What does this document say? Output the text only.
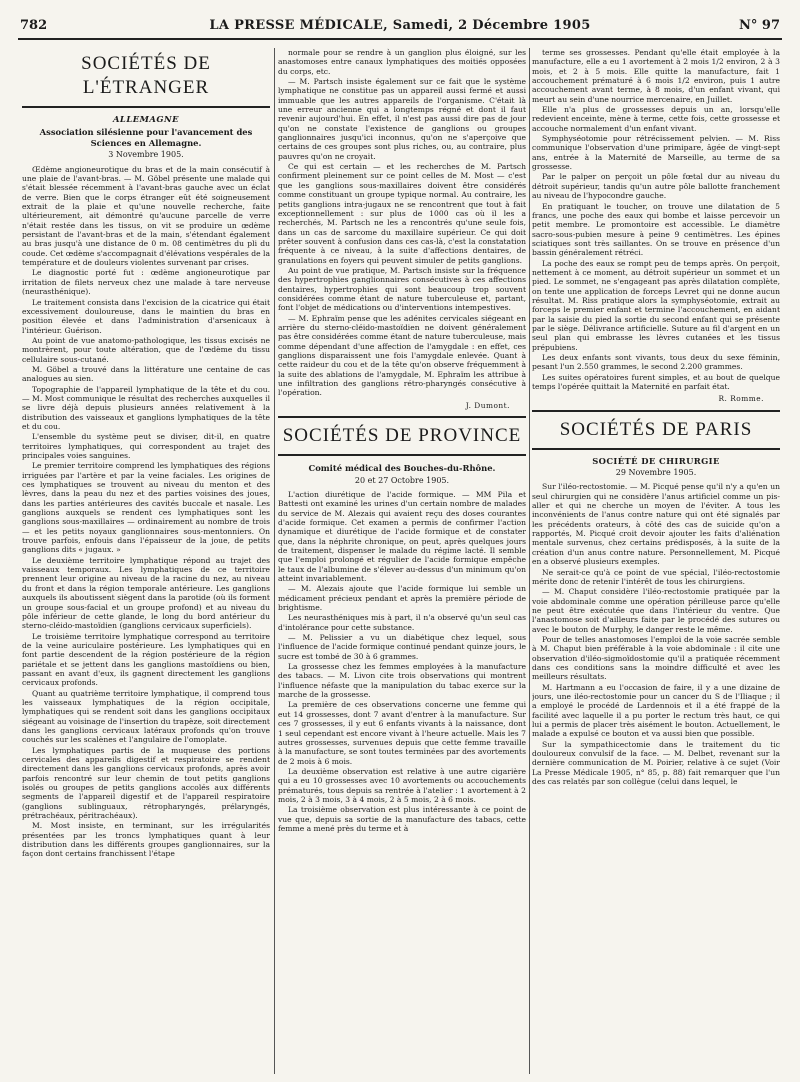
782	LA PRESSE MÉDICALE, Samedi, 2 Décembre 1905	N° 97
SOCIÉTÉS DE L'ÉTRANGER
ALLEMAGNE
Association silésienne pour l'avancement des Sciences en Allemagne.
3 Novembre 1905.

Œdème angioneurotique du bras et de la main consécutif à une plaie de l'avant-bras. — M. Göbel présente une malade qui s'était blessée récemment à l'avant-bras gauche avec un éclat de verre. Bien que le corps étranger eût été soigneusement extrait de la plaie et qu'une nouvelle recherche, faite ultérieurement, ait démontré qu'aucune parcelle de verre n'était restée dans les tissus, on vit se produire un œdème persistant de l'avant-bras et de la main, s'étendant également au bras jusqu'à une distance de 0 m. 08 centimètres du pli du coude. Cet œdème s'accompagnait d'élévations vespérales de la température et de douleurs violentes survenant par crises.

Le diagnostic porté fut : œdème angioneurotique par irritation de filets nerveux chez une malade à tare nerveuse (neurasthénique).

Le traitement consista dans l'excision de la cicatrice qui était excessivement douloureuse, dans le maintien du bras en position élevée et dans l'administration d'arsenicaux à l'intérieur. Guérison.

Au point de vue anatomo-pathologique, les tissus excisés ne montrèrent, pour toute altération, que de l'œdème du tissu cellulaire sous-cutané.

M. Göbel a trouvé dans la littérature une centaine de cas analogues au sien.

Topographie de l'appareil lymphatique de la tête et du cou. — M. Most communique le résultat des recherches auxquelles il se livre déjà depuis plusieurs années relativement à la distribution des vaisseaux et ganglions lymphatiques de la tête et du cou.

L'ensemble du système peut se diviser, dit-il, en quatre territoires lymphatiques, qui correspondent au trajet des principales voies sanguines.

Le premier territoire comprend les lymphatiques des régions irriguées par l'artère et par la veine faciales. Les origines de ces lymphatiques se trouvent au niveau du menton et des lèvres, dans la peau du nez et des parties voisines des joues, dans les parties antérieures des cavités buccale et nasale. Les ganglions auxquels se rendent ces lymphatiques sont les ganglions sous-maxillaires — ordinairement au nombre de trois — et les petits noyaux ganglionnaires sous-mentonniers. On trouve parfois, enfouis dans l'épaisseur de la joue, de petits ganglions dits « jugaux. »

Le deuxième territoire lymphatique répond au trajet des vaisseaux temporaux. Les lymphatiques de ce territoire prennent leur origine au niveau de la racine du nez, au niveau du front et dans la région temporale antérieure. Les ganglions auxquels ils aboutissent siègent dans la parotide (où ils forment un groupe sous-facial et un groupe profond) et au niveau du pôle inférieur de cette glande, le long du bord antérieur du sterno-cléido-mastoïdien (ganglions cervicaux superficiels).

Le troisième territoire lymphatique correspond au territoire de la veine auriculaire postérieure. Les lymphatiques qui en font partie descendent de la région postérieure de la région pariétale et se jettent dans les ganglions mastoïdiens ou bien, passant en avant d'eux, ils gagnent directement les ganglions cervicaux profonds.

Quant au quatrième territoire lymphatique, il comprend tous les vaisseaux lymphatiques de la région occipitale, lymphatiques qui se rendent soit dans les ganglions occipitaux siégeant au voisinage de l'insertion du trapèze, soit directement dans les ganglions cervicaux latéraux profonds qu'on trouve couchés sur les scalènes et l'angulaire de l'omoplate.

Les lymphatiques partis de la muqueuse des portions cervicales des appareils digestif et respiratoire se rendent directement dans les ganglions cervicaux profonds, après avoir parfois rencontré sur leur chemin de tout petits ganglions isolés ou groupes de petits ganglions accolés aux différents segments de l'appareil digestif et de l'appareil respiratoire (ganglions sublinguaux, rétropharyngés, prélaryngés, prétrachéaux, péritrachéaux).

M. Most insiste, en terminant, sur les irrégularités présentées par les troncs lymphatiques quant à leur distribution dans les différents groupes ganglionnaires, sur la façon dont certains franchissent l'étape

normale pour se rendre à un ganglion plus éloigné, sur les anastomoses entre canaux lymphatiques des moitiés opposées du corps, etc.

— M. Partsch insiste également sur ce fait que le système lymphatique ne constitue pas un appareil aussi fermé et aussi immuable que les autres appareils de l'organisme. C'était là une erreur ancienne qui a longtemps régné et dont il faut revenir aujourd'hui. En effet, il n'est pas aussi dire pas de jour qu'on ne constate l'existence de ganglions ou groupes ganglionnaires jusqu'ici inconnus, qu'on ne s'aperçoive que certains de ces groupes sont plus riches, ou, au contraire, plus pauvres qu'on ne croyait.

Ce qui est certain — et les recherches de M. Partsch confirment pleinement sur ce point celles de M. Most — c'est que les ganglions sous-maxillaires doivent être considérés comme constituant un groupe typique normal. Au contraire, les petits ganglions intra-jugaux ne se rencontrent que tout à fait exceptionnellement : sur plus de 1000 cas où il les a recherchés, M. Partsch ne les a rencontrés qu'une seule fois, dans un cas de sarcome du maxillaire supérieur. Ce qui doit prêter souvent à confusion dans ces cas-là, c'est la constatation fréquente à ce niveau, à la suite d'affections dentaires, de granulations en foyers qui peuvent simuler de petits ganglions.

Au point de vue pratique, M. Partsch insiste sur la fréquence des hypertrophies ganglionnaires consécutives à ces affections dentaires, hypertrophies qui sont beaucoup trop souvent considérées comme étant de nature tuberculeuse et, partant, font l'objet de médications ou d'interventions intempestives.

— M. Ephraïm pense que les adénites cervicales siégeant en arrière du sterno-cléido-mastoïdien ne doivent généralement pas être considérées comme étant de nature tuberculeuse, mais comme dépendant d'une affection de l'amygdale : en effet, ces ganglions disparaissent une fois l'amygdale enlevée. Quant à cette raideur du cou et de la tête qu'on observe fréquemment à la suite des ablations de l'amygdale, M. Ephraïm les attribue à une infiltration des ganglions rétro-pharyngés consécutive à l'opération.

J. Dumont.
SOCIÉTÉS DE PROVINCE
Comité médical des Bouches-du-Rhône.
20 et 27 Octobre 1905.

L'action diurétique de l'acide formique. — MM Pila et Battesti ont examiné les urines d'un certain nombre de malades du service de M. Alezais qui avaient reçu des doses courantes d'acide formique. Cet examen a permis de confirmer l'action dynamique et diurétique de l'acide formique et de constater que, dans la néphrite chronique, on peut, après quelques jours de traitement, dispenser le malade du régime lacté. Il semble que l'emploi prolongé et régulier de l'acide formique empêche le taux de l'albumine de s'élever au-dessus d'un minimum qu'on atteint invariablement.

— M. Alezais ajoute que l'acide formique lui semble un médicament précieux pendant et après la première période de brightisme.

Les neurasthéniques mis à part, il n'a observé qu'un seul cas d'intolérance pour cette substance.

— M. Pelissier a vu un diabétique chez lequel, sous l'influence de l'acide formique continué pendant quinze jours, le sucre est tombé de 30 à 6 grammes.

La grossesse chez les femmes employées à la manufacture des tabacs. — M. Livon cite trois observations qui montrent l'influence néfaste que la manipulation du tabac exerce sur la marche de la grossesse.

La première de ces observations concerne une femme qui eut 14 grossesses, dont 7 avant d'entrer à la manufacture. Sur ces 7 grossesses, il y eut 6 enfants vivants à la naissance, dont 1 seul cependant est encore vivant à l'heure actuelle. Mais les 7 autres grossesses, survenues depuis que cette femme travaille à la manufacture, se sont toutes terminées par des avortements de 2 mois à 6 mois.

La deuxième observation est relative à une autre cigarière qui a eu 10 grossesses avec 10 avortements ou accouchements prématurés, tous depuis sa rentrée à l'atelier : 1 avortement à 2 mois, 2 à 3 mois, 3 à 4 mois, 2 à 5 mois, 2 à 6 mois.

La troisième observation est plus intéressante à ce point de vue que, depuis sa sortie de la manufacture des tabacs, cette femme a mené près du terme et à

terme ses grossesses. Pendant qu'elle était employée à la manufacture, elle a eu 1 avortement à 2 mois 1/2 environ, 2 à 3 mois, et 2 à 5 mois. Elle quitte la manufacture, fait 1 accouchement prématuré à 6 mois 1/2 environ, puis 1 autre accouchement avant terme, à 8 mois, d'un enfant vivant, qui meurt au sein d'une nourrice mercenaire, en Juillet.

Elle n'a plus de grossesses depuis un an, lorsqu'elle redevient enceinte, mène à terme, cette fois, cette grossesse et accouche normalement d'un enfant vivant.

Symphyséotomie pour rétrécissement pelvien. — M. Riss communique l'observation d'une primipare, âgée de vingt-sept ans, entrée à la Maternité de Marseille, au terme de sa grossesse.

Par le palper on perçoit un pôle fœtal dur au niveau du détroit supérieur, tandis qu'un autre pôle ballotte franchement au niveau de l'hypocondre gauche.

En pratiquant le toucher, on trouve une dilatation de 5 francs, une poche des eaux qui bombe et laisse percevoir un petit membre. Le promontoire est accessible. Le diamètre sacro-sous-pubien mesure à peine 9 centimètres. Les épines sciatiques sont très saillantes. On se trouve en présence d'un bassin généralement rétréci.

La poche des eaux se rompt peu de temps après. On perçoit, nettement à ce moment, au détroit supérieur un sommet et un pied. Le sommet, ne s'engageant pas après dilatation complète, on tente une application de forceps Levret qui ne donne aucun résultat. M. Riss pratique alors la symphyséotomie, extrait au forceps le premier enfant et termine l'accouchement, en aidant par la saisie du pied la sortie du second enfant qui se présente par le siège. Délivrance artificielle. Suture au fil d'argent en un seul plan qui embrasse les lèvres cutanées et les tissus prépubiens.

Les deux enfants sont vivants, tous deux du sexe féminin, pesant l'un 2.550 grammes, le second 2.200 grammes.

Les suites opératoires furent simples, et au bout de quelque temps l'opérée quittait la Maternité en parfait état.

R. Romme.
SOCIÉTÉS DE PARIS
SOCIÉTÉ DE CHIRURGIE
29 Novembre 1905.

Sur l'iléo-rectostomie. — M. Picqué pense qu'il n'y a qu'en un seul chirurgien qui ne considère l'anus artificiel comme un pis-aller et qui ne cherche un moyen de l'éviter. A tous les inconvénients de l'anus contre nature qui ont été signalés par les précédents orateurs, à côté des cas de suicide qu'on a rapportés, M. Picqué croit devoir ajouter les faits d'aliénation mentale survenus, chez certains prédisposés, à la suite de la création d'un anus contre nature. Personnellement, M. Picqué en a observé plusieurs exemples.

Ne serait-ce qu'à ce point de vue spécial, l'iléo-rectostomie mérite donc de retenir l'intérêt de tous les chirurgiens.

— M. Chaput considère l'iléo-rectostomie pratiquée par la voie abdominale comme une opération périlleuse parce qu'elle ne peut être exécutée que dans l'intérieur du ventre. Que l'anastomose soit d'ailleurs faite par le procédé des sutures ou avec le bouton de Murphy, le danger reste le même.

Pour de telles anastomoses l'emploi de la voie sacrée semble à M. Chaput bien préférable à la voie abdominale : il cite une observation d'iléo-sigmoïdostomie qu'il a pratiquée récemment dans ces conditions sans la moindre difficulté et avec les meilleurs résultats.

M. Hartmann a eu l'occasion de faire, il y a une dizaine de jours, une iléo-rectostomie pour un cancer du S de l'Iliaque ; il a employé le procédé de Lardennois et il a été frappé de la facilité avec laquelle il a pu porter le rectum très haut, ce qui lui a permis de placer très aisément le bouton. Actuellement, le malade a expulsé ce bouton et va aussi bien que possible.

Sur la sympathicectomie dans le traitement du tic douloureux convulsif de la face. — M. Delbet, revenant sur la dernière communication de M. Poirier, relative à ce sujet (Voir La Presse Médicale 1905, n° 85, p. 88) fait remarquer que l'un des cas relatés par son collègue (celui dans lequel, le
